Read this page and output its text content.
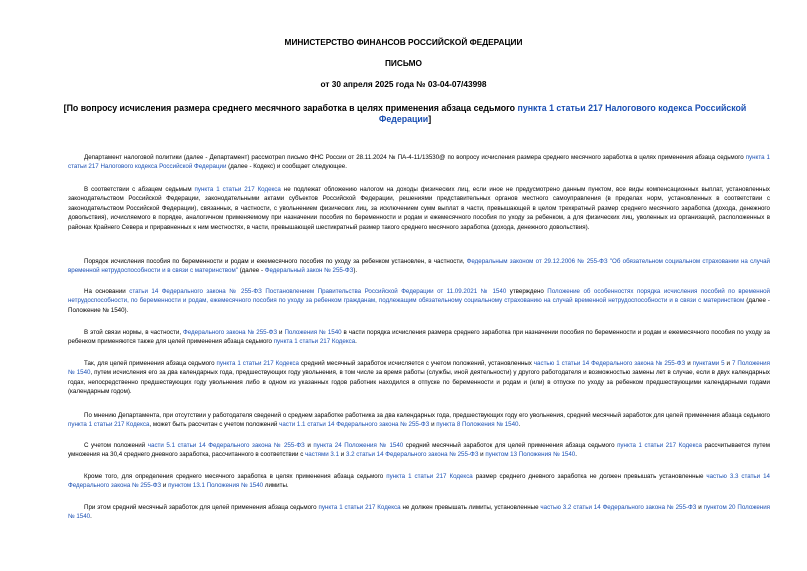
МИНИСТЕРСТВО ФИНАНСОВ РОССИЙСКОЙ ФЕДЕРАЦИИ
ПИСЬМО
от 30 апреля 2025 года № 03-04-07/43998
[По вопросу исчисления размера среднего месячного заработка в целях применения абзаца седьмого пункта 1 статьи 217 Налогового кодекса Российской Федерации]
Департамент налоговой политики (далее - Департамент) рассмотрел письмо ФНС России от 28.11.2024 № ПА-4-11/13530@ по вопросу исчисления размера среднего месячного заработка в целях применения абзаца седьмого пункта 1 статьи 217 Налогового кодекса Российской Федерации (далее - Кодекс) и сообщает следующее.
В соответствии с абзацем седьмым пункта 1 статьи 217 Кодекса не подлежат обложению налогом на доходы физических лиц, если иное не предусмотрено данным пунктом, все виды компенсационных выплат, установленных законодательством Российской Федерации, законодательными актами субъектов Российской Федерации, решениями представительных органов местного самоуправления (в пределах норм, установленных в соответствии с законодательством Российской Федерации), связанных, в частности, с увольнением физических лиц, за исключением сумм выплат в части, превышающей в целом трехкратный размер среднего месячного заработка (дохода, денежного довольствия), исчисляемого в порядке, аналогичном применяемому при назначении пособия по беременности и родам и ежемесячного пособия по уходу за ребенком, а для физических лиц, уволенных из организаций, расположенных в районах Крайнего Севера и приравненных к ним местностях, в части, превышающей шестикратный размер такого среднего месячного заработка (дохода, денежного довольствия).
Порядок исчисления пособия по беременности и родам и ежемесячного пособия по уходу за ребенком установлен, в частности, Федеральным законом от 29.12.2006 № 255-ФЗ "Об обязательном социальном страховании на случай временной нетрудоспособности и в связи с материнством" (далее - Федеральный закон № 255-ФЗ).
На основании статьи 14 Федерального закона № 255-ФЗ Постановлением Правительства Российской Федерации от 11.09.2021 № 1540 утверждено Положение об особенностях порядка исчисления пособий по временной нетрудоспособности, по беременности и родам, ежемесячного пособия по уходу за ребенком гражданам, подлежащим обязательному социальному страхованию на случай временной нетрудоспособности и в связи с материнством (далее - Положение № 1540).
В этой связи нормы, в частности, Федерального закона № 255-ФЗ и Положения № 1540 в части порядка исчисления размера среднего заработка при назначении пособия по беременности и родам и ежемесячного пособия по уходу за ребенком применяются также для целей применения абзаца седьмого пункта 1 статьи 217 Кодекса.
Так, для целей применения абзаца седьмого пункта 1 статьи 217 Кодекса средний месячный заработок исчисляется с учетом положений, установленных частью 1 статьи 14 Федерального закона № 255-ФЗ и пунктами 5 и 7 Положения № 1540, путем исчисления его за два календарных года, предшествующих году увольнения, в том числе за время работы (службы, иной деятельности) у другого работодателя и возможностью замены лет в случае, если в двух календарных годах, непосредственно предшествующих году увольнения либо в одном из указанных годов работник находился в отпуске по беременности и родам и (или) в отпуске по уходу за ребенком предшествующими календарными годами (календарным годом).
По мнению Департамента, при отсутствии у работодателя сведений о среднем заработке работника за два календарных года, предшествующих году его увольнения, средний месячный заработок для целей применения абзаца седьмого пункта 1 статьи 217 Кодекса, может быть рассчитан с учетом положений части 1.1 статьи 14 Федерального закона № 255-ФЗ и пункта 8 Положения № 1540.
С учетом положений части 5.1 статьи 14 Федерального закона № 255-ФЗ и пункта 24 Положения № 1540 средний месячный заработок для целей применения абзаца седьмого пункта 1 статьи 217 Кодекса рассчитывается путем умножения на 30,4 среднего дневного заработка, рассчитанного в соответствии с частями 3.1 и 3.2 статьи 14 Федерального закона № 255-ФЗ и пунктом 13 Положения № 1540.
Кроме того, для определения среднего месячного заработка в целях применения абзаца седьмого пункта 1 статьи 217 Кодекса размер среднего дневного заработка не должен превышать установленные частью 3.3 статьи 14 Федерального закона № 255-ФЗ и пунктом 13.1 Положения № 1540 лимиты.
При этом средний месячный заработок для целей применения абзаца седьмого пункта 1 статьи 217 Кодекса не должен превышать лимиты, установленные частью 3.2 статьи 14 Федерального закона № 255-ФЗ и пунктом 20 Положения № 1540.
